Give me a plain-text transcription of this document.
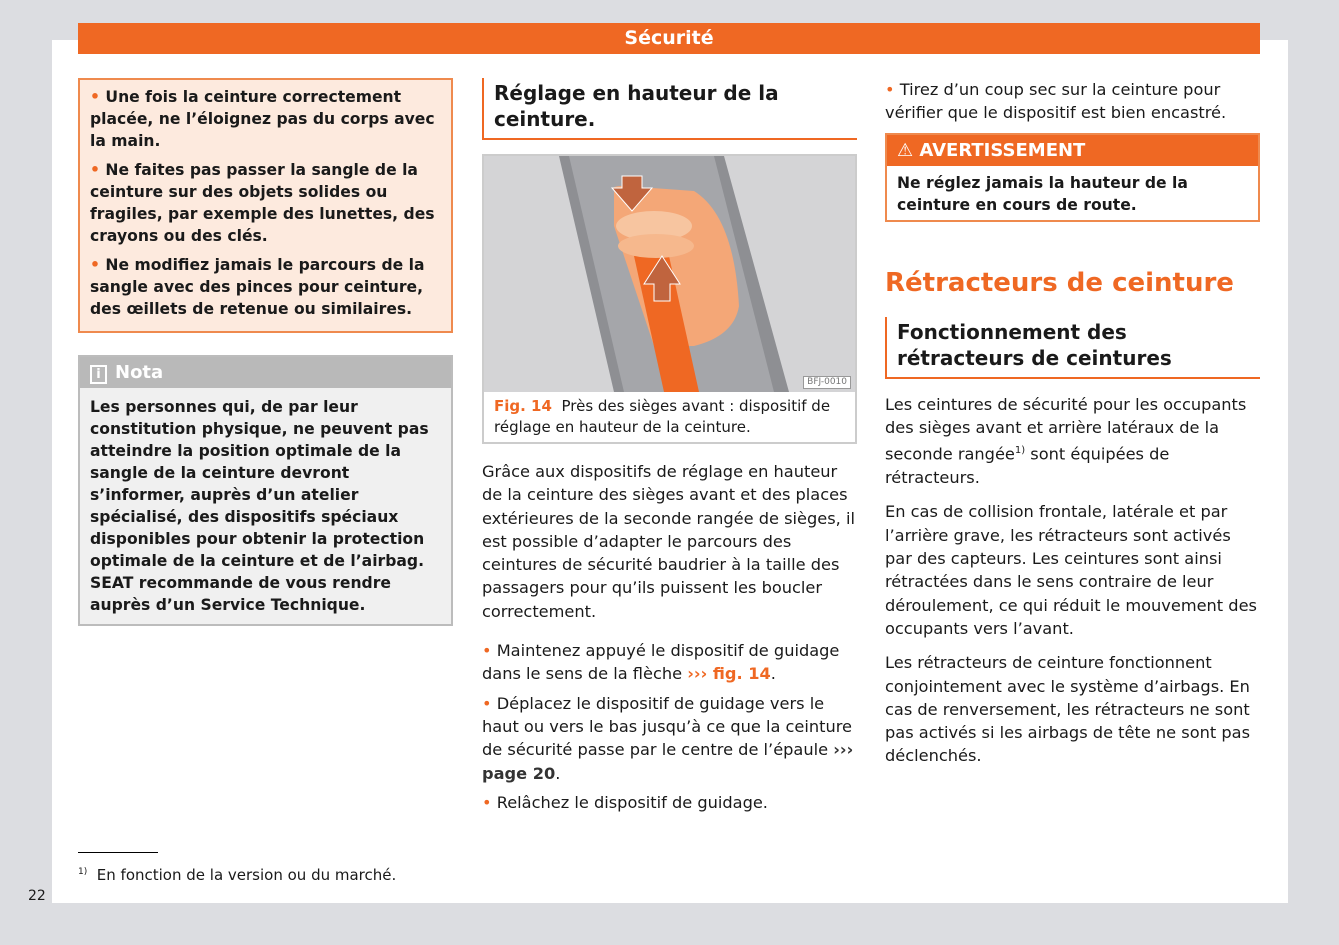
Sécurité

• Une fois la ceinture correctement placée, ne l’éloignez pas du corps avec la main.

• Ne faites pas passer la sangle de la ceinture sur des objets solides ou fragiles, par exemple des lunettes, des crayons ou des clés.

• Ne modifiez jamais le parcours de la sangle avec des pinces pour ceinture, des œillets de retenue ou similaires.

i Nota
Les personnes qui, de par leur constitution physique, ne peuvent pas atteindre la position optimale de la sangle de la ceinture devront s’informer, auprès d’un atelier spécialisé, des dispositifs spéciaux disponibles pour obtenir la protection optimale de la ceinture et de l’airbag. SEAT recommande de vous rendre auprès d’un Service Technique.
Réglage en hauteur de la ceinture.
BFJ-0010
Fig. 14 Près des sièges avant : dispositif de réglage en hauteur de la ceinture.

Grâce aux dispositifs de réglage en hauteur de la ceinture des sièges avant et des places extérieures de la seconde rangée de sièges, il est possible d’adapter le parcours des ceintures de sécurité baudrier à la taille des passagers pour qu’ils puissent les boucler correctement.

• Maintenez appuyé le dispositif de guidage dans le sens de la flèche ››› fig. 14.

• Déplacez le dispositif de guidage vers le haut ou vers le bas jusqu’à ce que la ceinture de sécurité passe par le centre de l’épaule ››› page 20.

• Relâchez le dispositif de guidage.

• Tirez d’un coup sec sur la ceinture pour vérifier que le dispositif est bien encastré.

⚠ AVERTISSEMENT
Ne réglez jamais la hauteur de la ceinture en cours de route.
Rétracteurs de ceinture
Fonctionnement des rétracteurs de ceintures

Les ceintures de sécurité pour les occupants des sièges avant et arrière latéraux de la seconde rangée$^{1)}$ sont équipées de rétracteurs.

En cas de collision frontale, latérale et par l’arrière grave, les rétracteurs sont activés par des capteurs. Les ceintures sont ainsi rétractées dans le sens contraire de leur déroulement, ce qui réduit le mouvement des occupants vers l’avant.

Les rétracteurs de ceinture fonctionnent conjointement avec le système d’airbags. En cas de renversement, les rétracteurs ne sont pas activés si les airbags de tête ne sont pas déclenchés.

$^{1)}$ En fonction de la version ou du marché.
22
